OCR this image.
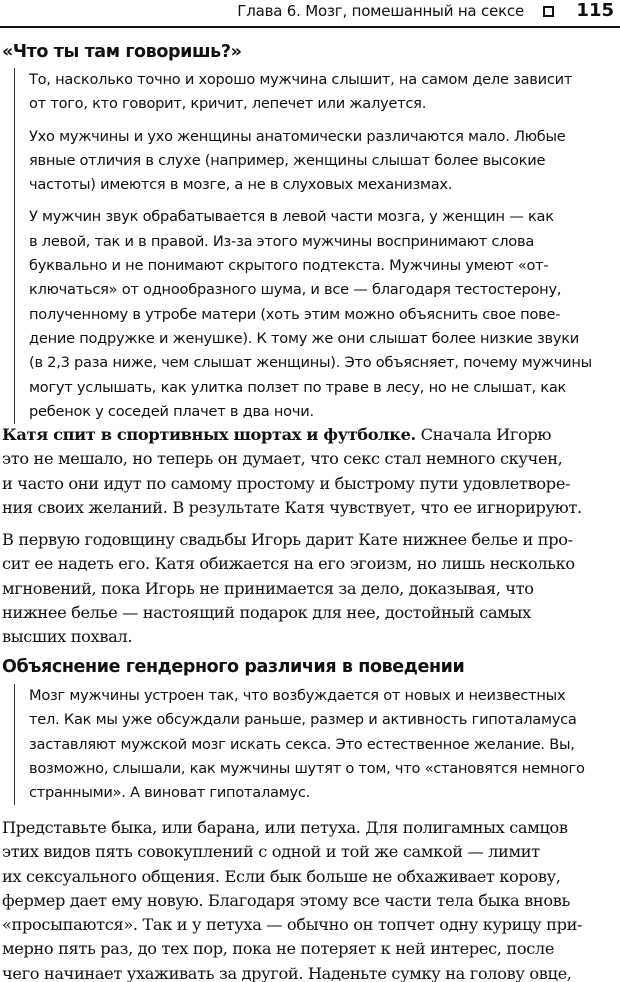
Глава 6. Мозг, помешанный на сексе	115
«Что ты там говоришь?»

То, насколько точно и хорошо мужчина слышит, на самом деле зависит
от того, кто говорит, кричит, лепечет или жалуется.

Ухо мужчины и ухо женщины анатомически различаются мало. Любые
явные отличия в слухе (например, женщины слышат более высокие
частоты) имеются в мозге, а не в слуховых механизмах.

У мужчин звук обрабатывается в левой части мозга, у женщин — как
в левой, так и в правой. Из-за этого мужчины воспринимают слова
буквально и не понимают скрытого подтекста. Мужчины умеют «от-
ключаться» от однообразного шума, и все — благодаря тестостерону,
полученному в утробе матери (хоть этим можно объяснить свое пове-
дение подружке и женушке). К тому же они слышат более низкие звуки
(в 2,3 раза ниже, чем слышат женщины). Это объясняет, почему мужчины
могут услышать, как улитка ползет по траве в лесу, но не слышат, как
ребенок у соседей плачет в два ночи.

Катя спит в спортивных шортах и футболке. Сначала Игорю
это не мешало, но теперь он думает, что секс стал немного скучен,
и часто они идут по самому простому и быстрому пути удовлетворе-
ния своих желаний. В результате Катя чувствует, что ее игнорируют.

В первую годовщину свадьбы Игорь дарит Кате нижнее белье и про-
сит ее надеть его. Катя обижается на его эгоизм, но лишь несколько
мгновений, пока Игорь не принимается за дело, доказывая, что
нижнее белье — настоящий подарок для нее, достойный самых
высших похвал.

Объяснение гендерного различия в поведении

Мозг мужчины устроен так, что возбуждается от новых и неизвестных
тел. Как мы уже обсуждали раньше, размер и активность гипоталамуса
заставляют мужской мозг искать секса. Это естественное желание. Вы,
возможно, слышали, как мужчины шутят о том, что «становятся немного
странными». А виноват гипоталамус.

Представьте быка, или барана, или петуха. Для полигамных самцов
этих видов пять совокуплений с одной и той же самкой — лимит
их сексуального общения. Если бык больше не обхаживает корову,
фермер дает ему новую. Благодаря этому все части тела быка вновь
«просыпаются». Так и у петуха — обычно он топчет одну курицу при-
мерно пять раз, до тех пор, пока не потеряет к ней интерес, после
чего начинает ухаживать за другой. Наденьте сумку на голову овце,
